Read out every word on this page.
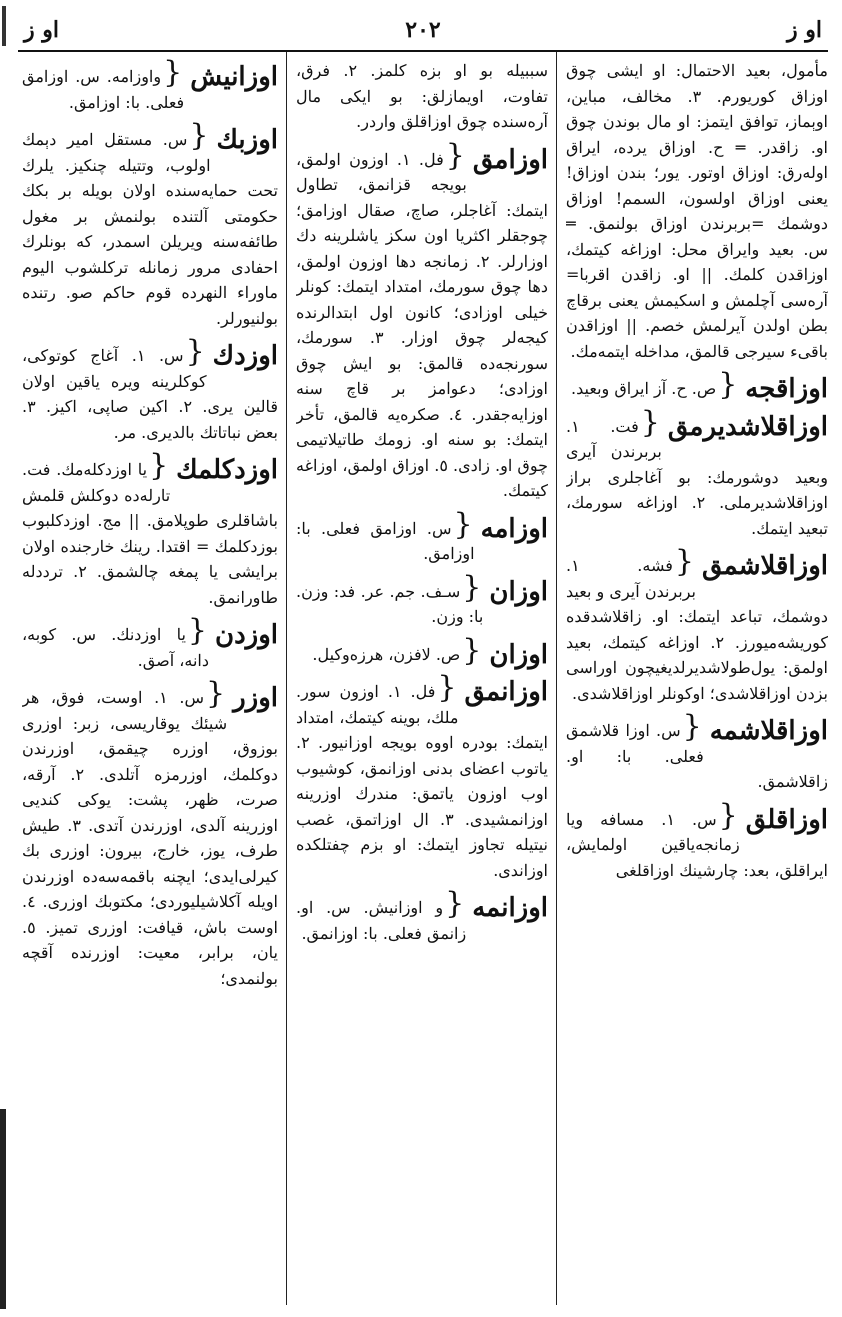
او ز
۲۰۲
او ز
مأمول، بعيد الاحتمال: او ايشى چوق اوزاق كوريورم. ٣. مخالف، مباين، اوېماز، توافق ايتمز: او مال بوندن چوق او. زاقدر. ═ ح. اوزاق يرده، ايراق اولەرق: اوزاق اوتور. يور؛ بندن اوزاق! يعنى اوزاق اولسون، السمم! اوزاق دوشمك =بربرندن اوزاق بولنمق. ═ س. بعيد وايراق محل: اوزاغه كيتمك، اوزاقدن كلمك. || او. زاقدن اقربا= آرەسى آچلمش و اسكيمش يعنى برقاچ بطن اولدن آيرلمش خصم. || اوزاقدن باقىء سيرجى قالمق، مداخله ايتمەمك.
اوزاقجه
{ص. ح. آز ايراق وبعيد.
اوزاقلاشديرمق
{فت. ١. بربرندن آيرى وبعيد دوشورمك: بو آغاجلرى براز اوزاقلاشديرملى. ٢. اوزاغه سورمك، تبعيد ايتمك.
اوزاقلاشمق
{فشه. ١. بربرندن آيرى و بعيد دوشمك، تباعد ايتمك: او. زاقلاشدقده كوريشه‌ميورز. ٢. اوزاغه كيتمك، بعيد اولمق: يول‌طولاشديرلديغيچون اوراسى بزدن اوزاقلاشدى؛ اوكونلر اوزاقلاشدى.
اوزاقلاشمه
{س. اوزا قلاشمق فعلى. با: او. زاقلاشمق.
اوزاقلق
{س. ١. مسافه ويا زمانجه‌ياقين اولمايش، ايراقلق، بعد: چارشينك اوزاقلغى
سببيله بو او بزه كلمز. ٢. فرق، تفاوت، اويمازلق: بو ايكى مال آرەسنده چوق اوزاقلق واردر.
اوزامق
{فل. ١. اوزون اولمق، بويجه قزانمق، تطاول ايتمك: آغاجلر، صاچ، صقال اوزامق؛ چوجقلر اكثريا اون سكز ياشلرينه دك اوزارلر. ٢. زمانجه دها اوزون اولمق، دها چوق سورمك، امتداد ايتمك: كونلر خيلى اوزادى؛ كانون اول ابتدالرنده كيجه‌لر چوق اوزار. ٣. سورمك، سورنجه‌ده قالمق: بو ايش چوق اوزادى؛ دعوامز بر قاچ سنه اوزايه‌جقدر. ٤. صكره‌يه قالمق، تأخر ايتمك: بو سنه او. زومك طاتيلاتيمى چوق او. زادى. ٥. اوزاق اولمق، اوزاغه كيتمك.
اوزامه
{س. اوزامق فعلى. با: اوزامق.
اوزان
{سـف. جم. عر. فد: وزن. با: وزن.
اوزان
{ص. لافزن، هرزه‌وكيل.
اوزانمق
{فل. ١. اوزون سور. ملك، بوينه كيتمك، امتداد ايتمك: بودره اووه بويجه اوزانيور. ٢. ياتوب اعضاى بدنى اوزانمق، كوشيوب اوب اوزون ياتمق: مندرك اوزرينه اوزانمشيدى. ٣. ال اوزاتمق، غصب نيتيله تجاوز ايتمك: او بزم چفتلكده اوزاندى.
اوزانمه
{و اوزانيش. س. او. زانمق فعلى. با: اوزانمق.
اوزانيش
{واوزامه. س. اوزامق فعلى. با: اوزامق.
اوزبك
{س. مستقل امير دېمك اولوب، وتتيله چنكيز. يلرك تحت حمايه‌سنده اولان بويله بر بكك حكومتى آلتنده بولنمش بر مغول طائفه‌سنه ويريلن اسمدر، كه بونلرك احفادى مرور زمانله تركلشوب اليوم ماوراء النهرده قوم حاكم صو. رتنده بولنيورلر.
اوزدك
{س. ١. آغاج كوتوكى، كوكلرينه ويره ياقين اولان قالين يرى. ٢. اكين صاپى، اكيز. ٣. بعض نباتاتك بالديرى. مر.
اوزدكلمك
{يا اوزدكلەمك. فت. تارلەده دوكلش قلمش باشاقلرى طوپلامق. || مج. اوزدكلبوب بوزدكلمك = اقتدا. رينك خارجنده اولان برايشى يا پمغه چالشمق. ٢. ترددله طاورانمق.
اوزدن
{يا اوزدنك. س. كوبه، دانه، آصق.
اوزر
{س. ١. اوست، فوق، هر شيئك يوقاريسى، زبر: اوزرى بوزوق، اوزره چيقمق، اوزرندن دوكلمك، اوزرمزه آتلدى. ٢. آرقه، صرت، ظهر، پشت: يوكى كنديى اوزرينه آلدى، اوزرندن آتدى. ٣. طيش طرف، يوز، خارج، بيرون: اوزرى بك كيرلى‌ايدى؛ ايچنه باقمەسەده اوزرندن اويله آكلاشيليوردى؛ مكتوبك اوزرى. ٤. اوست باش، قيافت: اوزرى تميز. ٥. يان، برابر، معيت: اوزرنده آقچه بولنمدى؛
